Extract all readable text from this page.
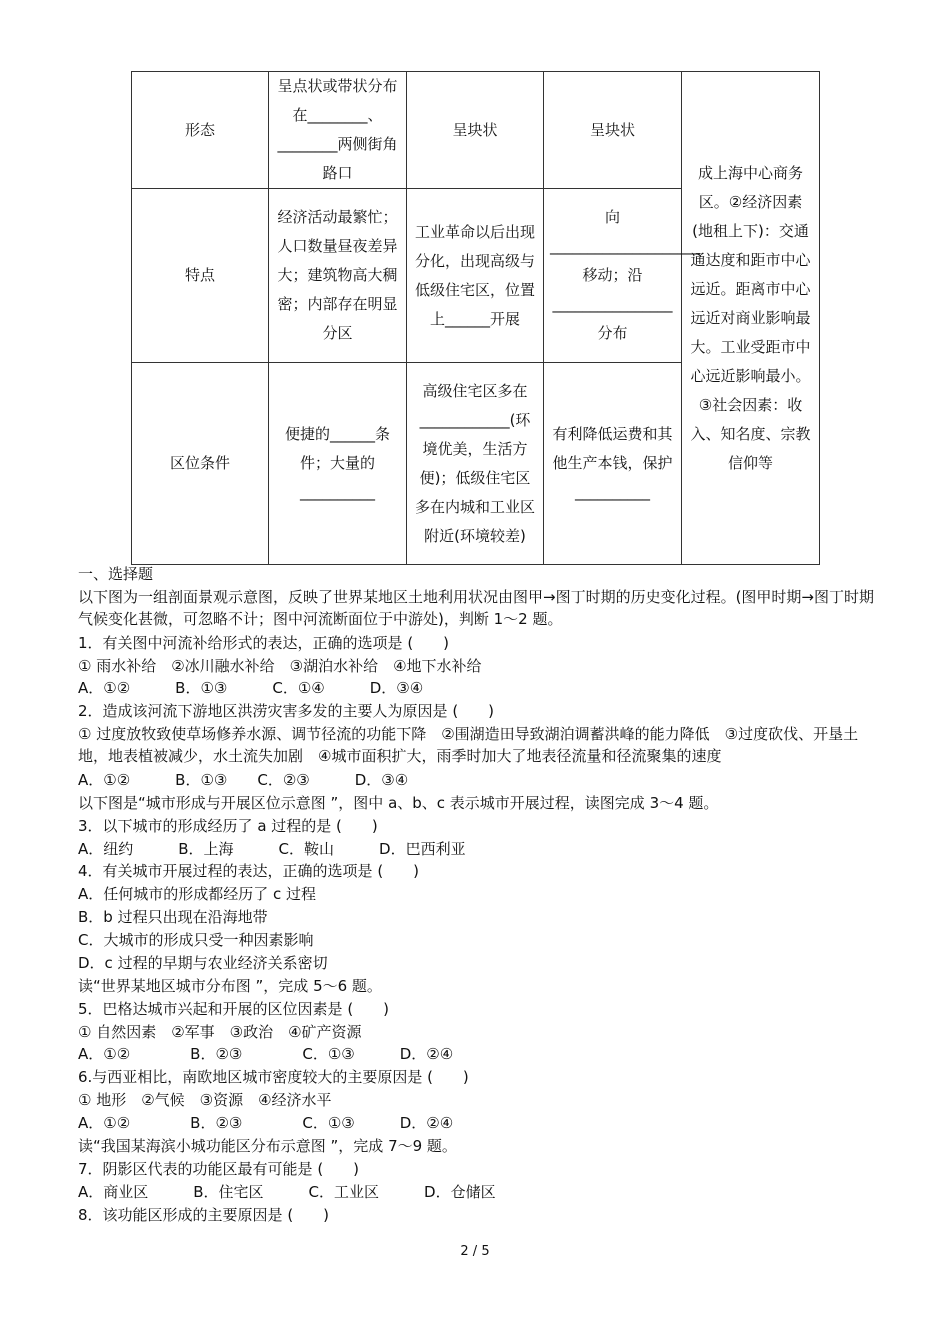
形态	呈点状或带状分布在________、________两侧街角路口	呈块状	呈块状	成上海中心商务区。②经济因素(地租上下)：交通通达度和距市中心远近。距离市中心远近对商业影响最大。工业受距市中心远近影响最小。③社会因素：收入、知名度、宗教信仰等
特点	经济活动最繁忙；人口数量昼夜差异大；建筑物高大稠密；内部存在明显分区	工业革命以后出现分化，出现高级与低级住宅区，位置上______开展	向____________________移动；沿________________分布	
区位条件	便捷的______条件；大量的__________	高级住宅区多在____________(环境优美，生活方便)；低级住宅区多在内城和工业区附近(环境较差)	有利降低运费和其他生产本钱，保护__________	
一、选择题
以下图为一组剖面景观示意图，反映了世界某地区土地利用状况由图甲→图丁时期的历史变化过程。(图甲时期→图丁时期气候变化甚微，可忽略不计；图中河流断面位于中游处)，判断 1～2 题。
1．有关图中河流补给形式的表达，正确的选项是 (　　)
① 雨水补给　②冰川融水补给　③湖泊水补给　④地下水补给
A．①②　　　B．①③　　　C．①④　　　D．③④
2．造成该河流下游地区洪涝灾害多发的主要人为原因是 (　　)
① 过度放牧致使草场修养水源、调节径流的功能下降　②围湖造田导致湖泊调蓄洪峰的能力降低　③过度砍伐、开垦土地，地表植被减少，水土流失加剧　④城市面积扩大，雨季时加大了地表径流量和径流聚集的速度
A．①②　　　B．①③　　C．②③　　　D．③④
以下图是“城市形成与开展区位示意图 ”，图中 a、b、c 表示城市开展过程，读图完成 3～4 题。
3．以下城市的形成经历了 a 过程的是 (　　)
A．纽约　　　B．上海　　　C．鞍山　　　D．巴西利亚
4．有关城市开展过程的表达，正确的选项是 (　　)
A．任何城市的形成都经历了 c 过程
B．b 过程只出现在沿海地带
C．大城市的形成只受一种因素影响
D．c 过程的早期与农业经济关系密切
读“世界某地区城市分布图 ”，完成 5～6 题。
5．巴格达城市兴起和开展的区位因素是 (　　)
① 自然因素　②军事　③政治　④矿产资源
A．①②　　　　B．②③　　　　C．①③　　　D．②④
6.与西亚相比，南欧地区城市密度较大的主要原因是 (　　)
① 地形　②气候　③资源　④经济水平
A．①②　　　　B．②③　　　　C．①③　　　D．②④
读“我国某海滨小城功能区分布示意图 ”，完成 7～9 题。
7．阴影区代表的功能区最有可能是 (　　)
A．商业区　　　B．住宅区　　　C．工业区　　　D．仓储区
8．该功能区形成的主要原因是 (　　)
2 / 5
